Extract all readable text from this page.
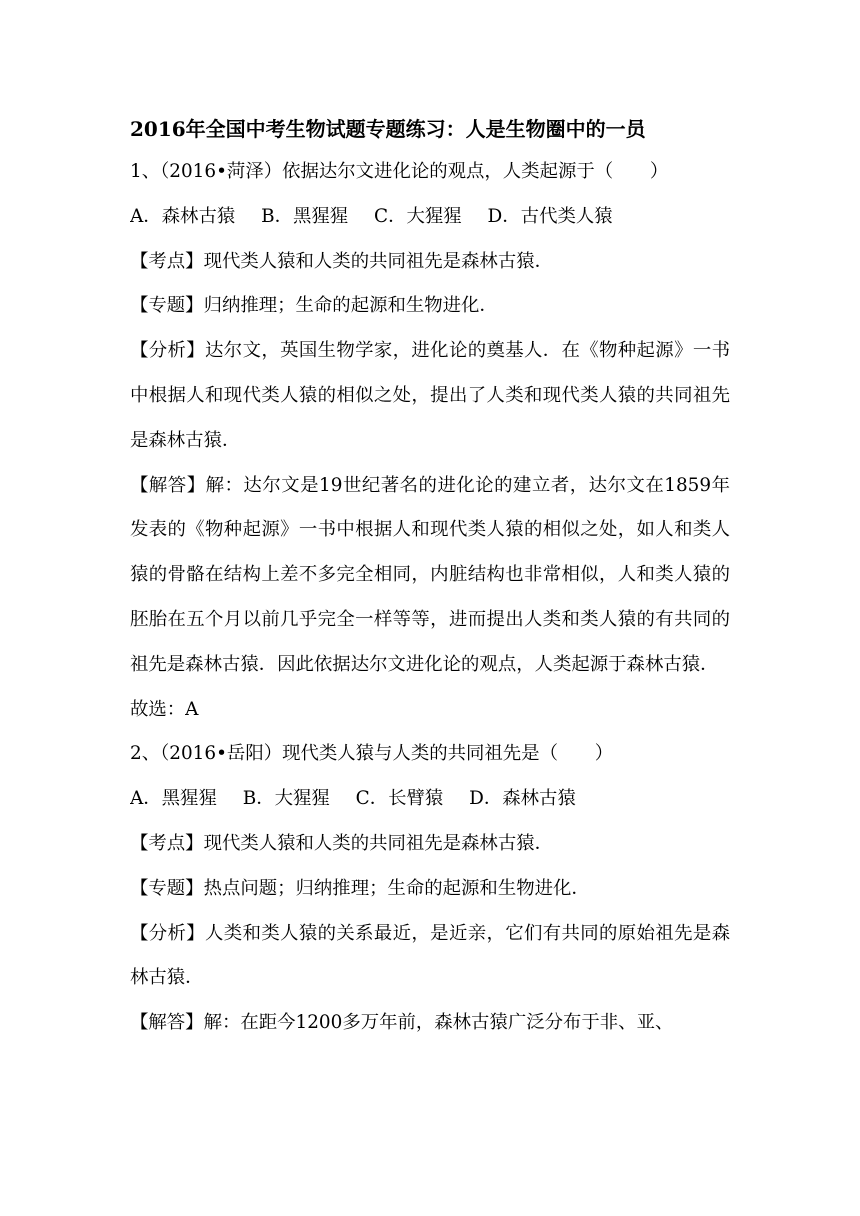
2016年全国中考生物试题专题练习：人是生物圈中的一员
1、（2016•菏泽）依据达尔文进化论的观点，人类起源于（　　）
A．森林古猿 B．黑猩猩 C．大猩猩 D．古代类人猿
【考点】现代类人猿和人类的共同祖先是森林古猿．
【专题】归纳推理；生命的起源和生物进化．
【分析】达尔文，英国生物学家，进化论的奠基人．在《物种起源》一书中根据人和现代类人猿的相似之处，提出了人类和现代类人猿的共同祖先是森林古猿．
【解答】解：达尔文是19世纪著名的进化论的建立者，达尔文在1859年发表的《物种起源》一书中根据人和现代类人猿的相似之处，如人和类人猿的骨骼在结构上差不多完全相同，内脏结构也非常相似，人和类人猿的胚胎在五个月以前几乎完全一样等等，进而提出人类和类人猿的有共同的祖先是森林古猿．因此依据达尔文进化论的观点，人类起源于森林古猿．
故选：A
2、（2016•岳阳）现代类人猿与人类的共同祖先是（　　）
A．黑猩猩 B．大猩猩 C．长臂猿 D．森林古猿
【考点】现代类人猿和人类的共同祖先是森林古猿．
【专题】热点问题；归纳推理；生命的起源和生物进化．
【分析】人类和类人猿的关系最近，是近亲，它们有共同的原始祖先是森林古猿．
【解答】解：在距今1200多万年前，森林古猿广泛分布于非、亚、
